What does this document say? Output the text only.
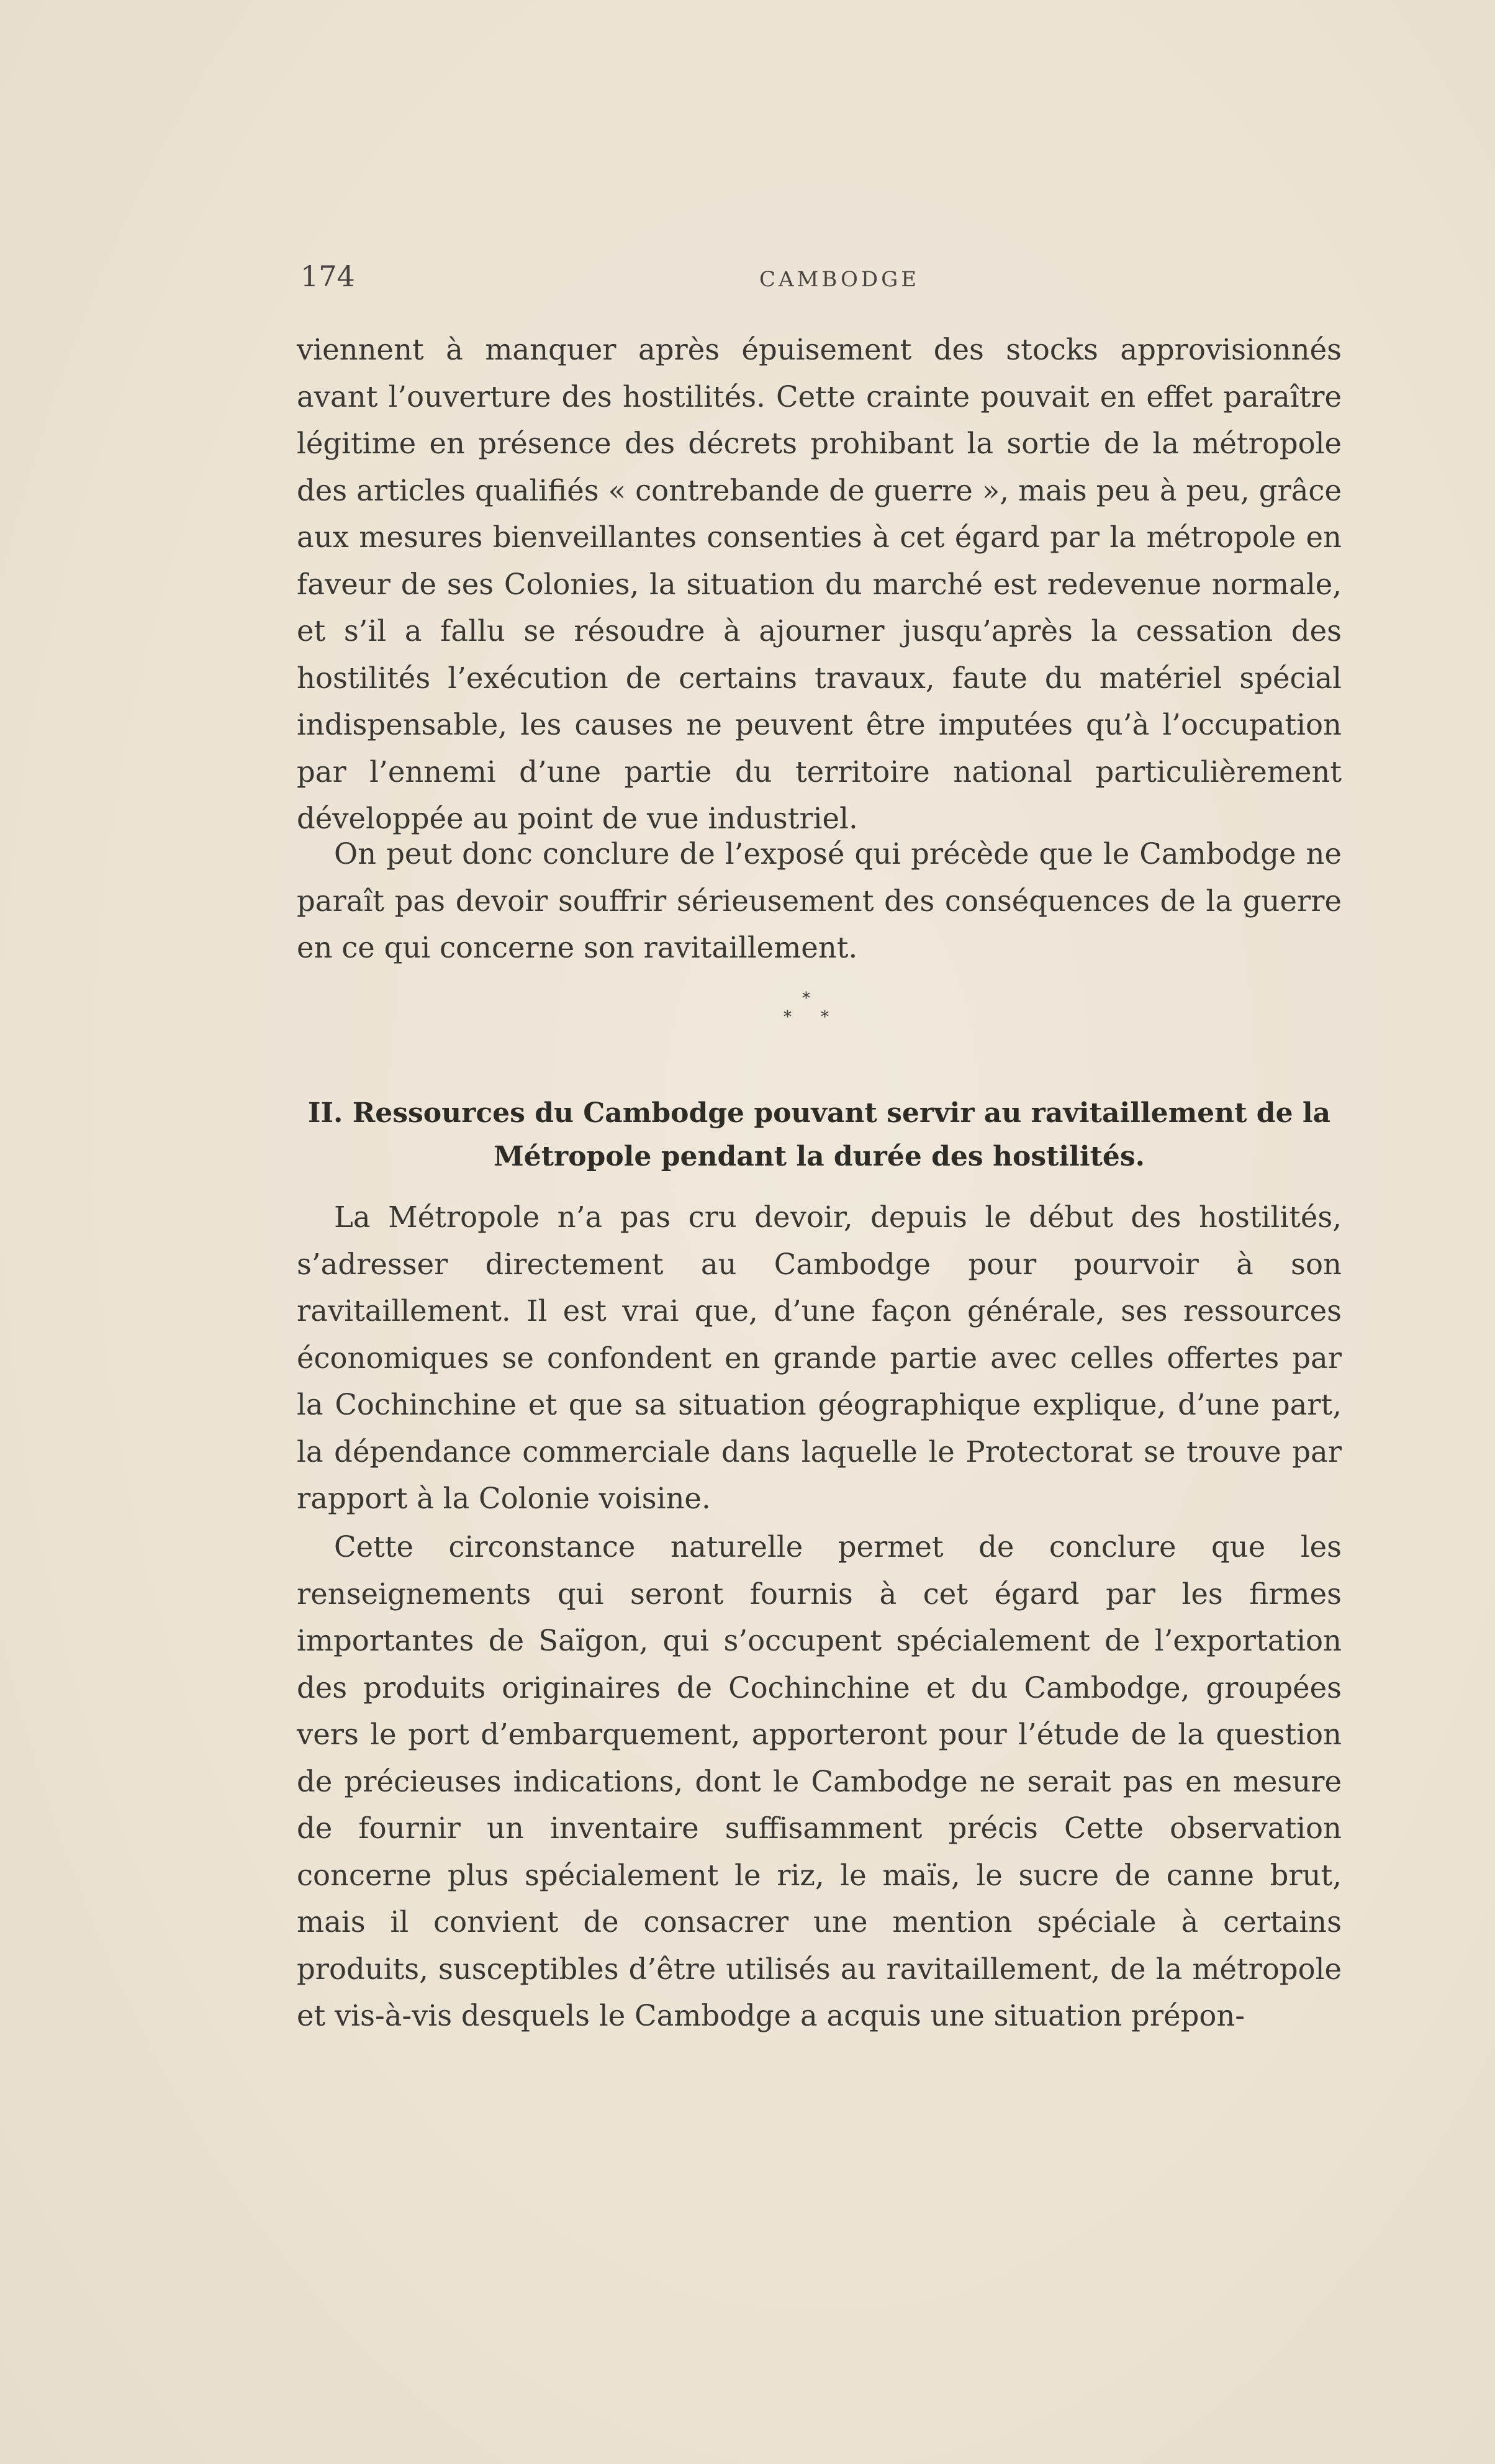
174	CAMBODGE

viennent à manquer après épuisement des stocks approvisionnés avant l’ouverture des hostilités. Cette crainte pouvait en effet paraître légitime en présence des décrets prohibant la sortie de la métropole des articles qualifiés « contrebande de guerre », mais peu à peu, grâce aux mesures bienveillantes consenties à cet égard par la métropole en faveur de ses Colonies, la situation du marché est redevenue normale, et s’il a fallu se résoudre à ajourner jusqu’après la cessation des hostilités l’exécution de certains travaux, faute du matériel spécial indispensable, les causes ne peuvent être imputées qu’à l’occupation par l’ennemi d’une partie du territoire national particulièrement développée au point de vue industriel.

On peut donc conclure de l’exposé qui précède que le Cambodge ne paraît pas devoir souffrir sérieusement des conséquences de la guerre en ce qui concerne son ravitaillement.

*
* *
II. Ressources du Cambodge pouvant servir au ravitaillement de la Métropole pendant la durée des hostilités.

La Métropole n’a pas cru devoir, depuis le début des hostilités, s’adresser directement au Cambodge pour pourvoir à son ravitaillement. Il est vrai que, d’une façon générale, ses ressources économiques se confondent en grande partie avec celles offertes par la Cochinchine et que sa situation géographique explique, d’une part, la dépendance commerciale dans laquelle le Protectorat se trouve par rapport à la Colonie voisine.

Cette circonstance naturelle permet de conclure que les renseignements qui seront fournis à cet égard par les firmes importantes de Saïgon, qui s’occupent spécialement de l’exportation des produits originaires de Cochinchine et du Cambodge, groupées vers le port d’embarquement, apporteront pour l’étude de la question de précieuses indications, dont le Cambodge ne serait pas en mesure de fournir un inventaire suffisamment précis Cette observation concerne plus spécialement le riz, le maïs, le sucre de canne brut, mais il convient de consacrer une mention spéciale à certains produits, susceptibles d’être utilisés au ravitaillement, de la métropole et vis-à-vis desquels le Cambodge a acquis une situation prépon-
